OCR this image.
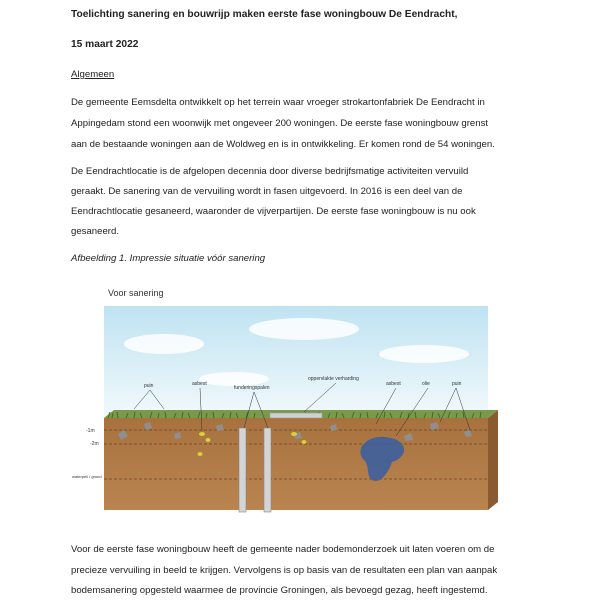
Toelichting sanering en bouwrijp maken eerste fase woningbouw De Eendracht,
15 maart 2022
Algemeen
De gemeente Eemsdelta ontwikkelt op het terrein waar vroeger strokartonfabriek De Eendracht in
Appingedam stond een woonwijk met ongeveer 200 woningen. De eerste fase woningbouw grenst
aan de bestaande woningen aan de Woldweg en is in ontwikkeling. Er komen rond de 54 woningen.
De Eendrachtlocatie is de afgelopen decennia door diverse bedrijfsmatige activiteiten vervuild
geraakt. De sanering van de vervuiling wordt in fasen uitgevoerd. In 2016 is een deel van de
Eendrachtlocatie gesaneerd, waaronder de vijverpartijen. De eerste fase woningbouw is nu ook
gesaneerd.
Afbeelding 1. Impressie situatie vóór sanering
Voor sanering
-1m
puin	asbest
funderingspalen
oppervlakte verharding
asbest	olie	puin
-2m
waterpeil / grond
Voor de eerste fase woningbouw heeft de gemeente nader bodemonderzoek uit laten voeren om de
precieze vervuiling in beeld te krijgen. Vervolgens is op basis van de resultaten een plan van aanpak
bodemsanering opgesteld waarmee de provincie Groningen, als bevoegd gezag, heeft ingestemd.
